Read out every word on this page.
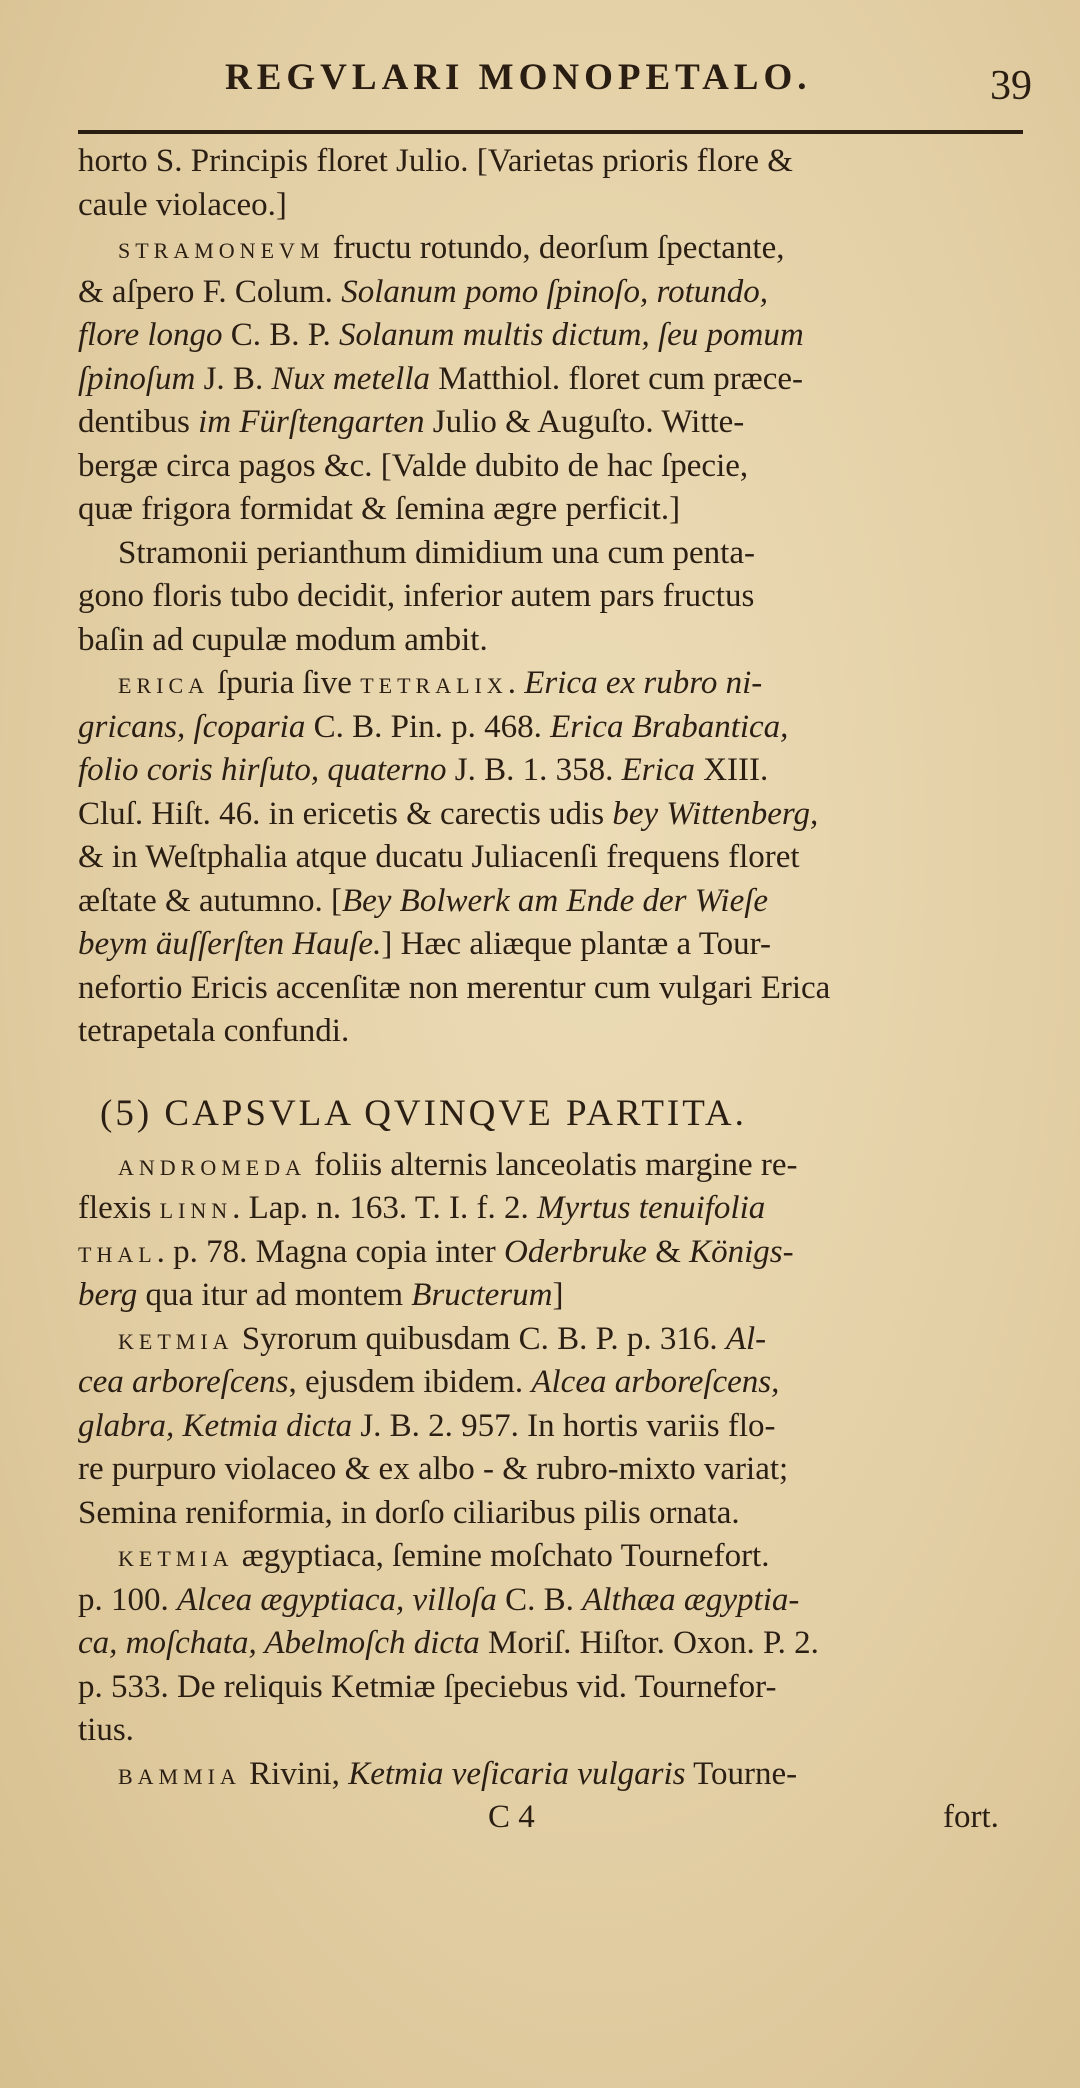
REGVLARI MONOPETALO.	39
horto S. Principis floret Julio. [Varietas prioris flore &
caule violaceo.]
STRAMONEVM fructu rotundo, deorſum ſpectante,
& aſpero F. Colum. Solanum pomo ſpinoſo, rotundo,
flore longo C. B. P. Solanum multis dictum, ſeu pomum
ſpinoſum J. B. Nux metella Matthiol. floret cum præce-
dentibus im Fürſtengarten Julio & Auguſto. Witte-
bergæ circa pagos &c. [Valde dubito de hac ſpecie,
quæ frigora formidat & ſemina ægre perficit.]
Stramonii perianthum dimidium una cum penta-
gono floris tubo decidit, inferior autem pars fructus
baſin ad cupulæ modum ambit.
ERICA ſpuria ſive TETRALIX. Erica ex rubro ni-
gricans, ſcoparia C. B. Pin. p. 468. Erica Brabantica,
folio coris hirſuto, quaterno J. B. 1. 358. Erica XIII.
Cluſ. Hiſt. 46. in ericetis & carectis udis bey Wittenberg,
& in Weſtphalia atque ducatu Juliacenſi frequens floret
æſtate & autumno. [Bey Bolwerk am Ende der Wieſe
beym äuſſerſten Hauſe.] Hæc aliæque plantæ a Tour-
nefortio Ericis accenſitæ non merentur cum vulgari Erica
tetrapetala confundi.
(5) CAPSVLA QVINQVE PARTITA.
ANDROMEDA foliis alternis lanceolatis margine re-
flexis LINN. Lap. n. 163. T. I. f. 2. Myrtus tenuifolia
THAL. p. 78. Magna copia inter Oderbruke & Königs-
berg qua itur ad montem Bructerum]
KETMIA Syrorum quibusdam C. B. P. p. 316. Al-
cea arboreſcens, ejusdem ibidem. Alcea arboreſcens,
glabra, Ketmia dicta J. B. 2. 957. In hortis variis flo-
re purpuro violaceo & ex albo - & rubro-mixto variat;
Semina reniformia, in dorſo ciliaribus pilis ornata.
KETMIA ægyptiaca, ſemine moſchato Tournefort.
p. 100. Alcea ægyptiaca, villoſa C. B. Althæa ægyptia-
ca, moſchata, Abelmoſch dicta Moriſ. Hiſtor. Oxon. P. 2.
p. 533. De reliquis Ketmiæ ſpeciebus vid. Tournefor-
tius.
BAMMIA Rivini, Ketmia veſicaria vulgaris Tourne-
C 4	fort.
